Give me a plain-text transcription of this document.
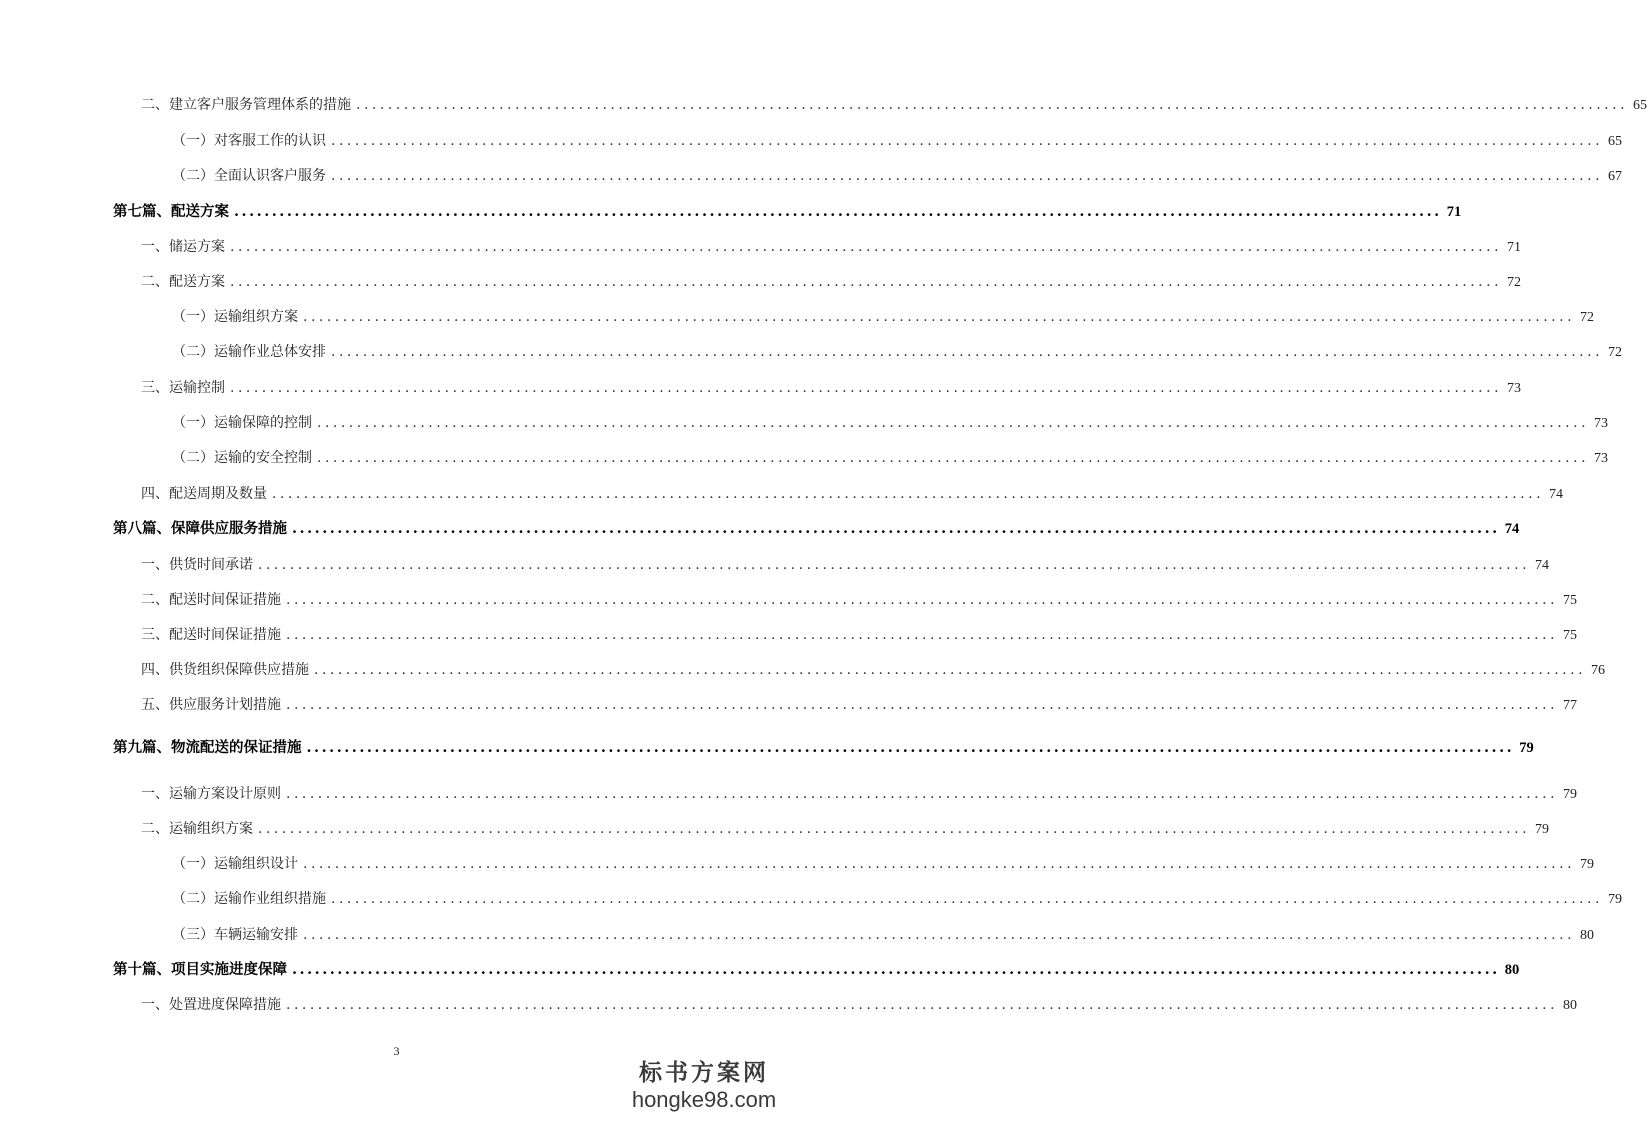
二、建立客户服务管理体系的措施 ................................................................................................................................................................ 65
（一）对客服工作的认识 ................................................................................................................................................................ 65
（二）全面认识客户服务 ................................................................................................................................................................ 67
第七篇、配送方案 ................................................................................................................................................................ 71
一、储运方案 ................................................................................................................................................................ 71
二、配送方案 ................................................................................................................................................................ 72
（一）运输组织方案 ................................................................................................................................................................ 72
（二）运输作业总体安排 ................................................................................................................................................................ 72
三、运输控制 ................................................................................................................................................................ 73
（一）运输保障的控制 ................................................................................................................................................................ 73
（二）运输的安全控制 ................................................................................................................................................................ 73
四、配送周期及数量 ................................................................................................................................................................ 74
第八篇、保障供应服务措施 ................................................................................................................................................................ 74
一、供货时间承诺 ................................................................................................................................................................ 74
二、配送时间保证措施 ................................................................................................................................................................ 75
三、配送时间保证措施 ................................................................................................................................................................ 75
四、供货组织保障供应措施 ................................................................................................................................................................ 76
五、供应服务计划措施 ................................................................................................................................................................ 77
第九篇、物流配送的保证措施 ................................................................................................................................................................ 79
一、运输方案设计原则 ................................................................................................................................................................ 79
二、运输组织方案 ................................................................................................................................................................ 79
（一）运输组织设计 ................................................................................................................................................................ 79
（二）运输作业组织措施 ................................................................................................................................................................ 79
（三）车辆运输安排 ................................................................................................................................................................ 80
第十篇、项目实施进度保障 ................................................................................................................................................................ 80
一、处置进度保障措施 ................................................................................................................................................................ 80
3
标书方案网
hongke98.com
